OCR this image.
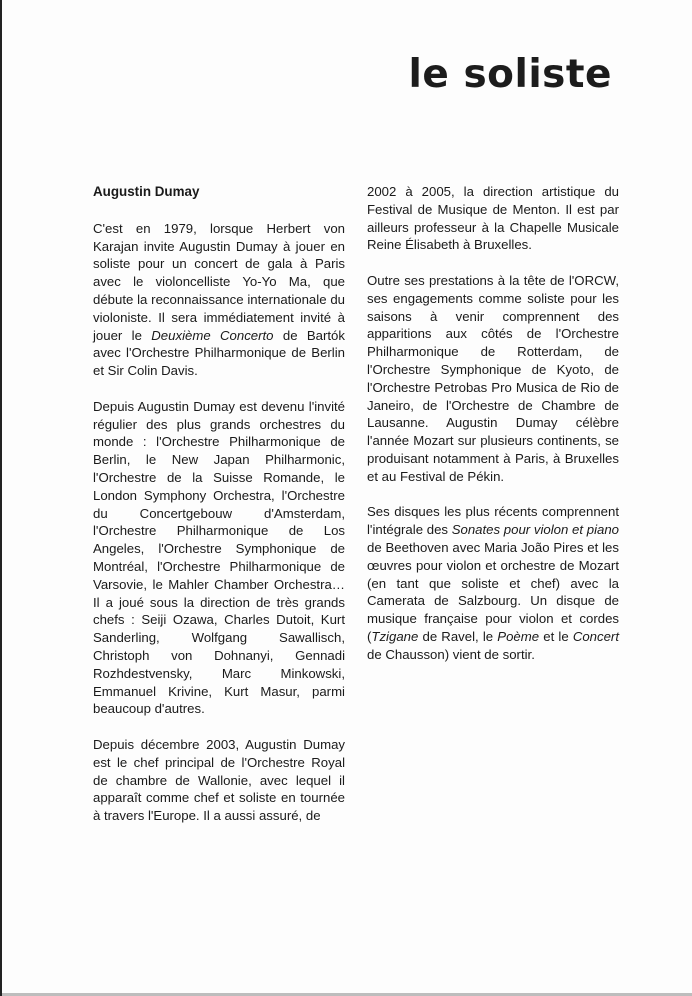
le soliste
Augustin Dumay

C'est en 1979, lorsque Herbert von Karajan invite Augustin Dumay à jouer en soliste pour un concert de gala à Paris avec le violoncelliste Yo-Yo Ma, que débute la reconnaissance internationale du violoniste. Il sera immédiatement invité à jouer le Deuxième Concerto de Bartók avec l'Orchestre Philharmonique de Berlin et Sir Colin Davis.

Depuis Augustin Dumay est devenu l'invité régulier des plus grands orchestres du monde : l'Orchestre Philharmonique de Berlin, le New Japan Philharmonic, l'Orchestre de la Suisse Romande, le London Symphony Orchestra, l'Orchestre du Concertgebouw d'Amsterdam, l'Orchestre Philharmonique de Los Angeles, l'Orchestre Symphonique de Montréal, l'Orchestre Philharmonique de Varsovie, le Mahler Chamber Orchestra… Il a joué sous la direction de très grands chefs : Seiji Ozawa, Charles Dutoit, Kurt Sanderling, Wolfgang Sawallisch, Christoph von Dohnanyi, Gennadi Rozhdestvensky, Marc Minkowski, Emmanuel Krivine, Kurt Masur, parmi beaucoup d'autres.

Depuis décembre 2003, Augustin Dumay est le chef principal de l'Orchestre Royal de chambre de Wallonie, avec lequel il apparaît comme chef et soliste en tournée à travers l'Europe. Il a aussi assuré, de

2002 à 2005, la direction artistique du Festival de Musique de Menton. Il est par ailleurs professeur à la Chapelle Musicale Reine Élisabeth à Bruxelles.

Outre ses prestations à la tête de l'ORCW, ses engagements comme soliste pour les saisons à venir comprennent des apparitions aux côtés de l'Orchestre Philharmonique de Rotterdam, de l'Orchestre Symphonique de Kyoto, de l'Orchestre Petrobas Pro Musica de Rio de Janeiro, de l'Orchestre de Chambre de Lausanne. Augustin Dumay célèbre l'année Mozart sur plusieurs continents, se produisant notamment à Paris, à Bruxelles et au Festival de Pékin.

Ses disques les plus récents comprennent l'intégrale des Sonates pour violon et piano de Beethoven avec Maria João Pires et les œuvres pour violon et orchestre de Mozart (en tant que soliste et chef) avec la Camerata de Salzbourg. Un disque de musique française pour violon et cordes (Tzigane de Ravel, le Poème et le Concert de Chausson) vient de sortir.
